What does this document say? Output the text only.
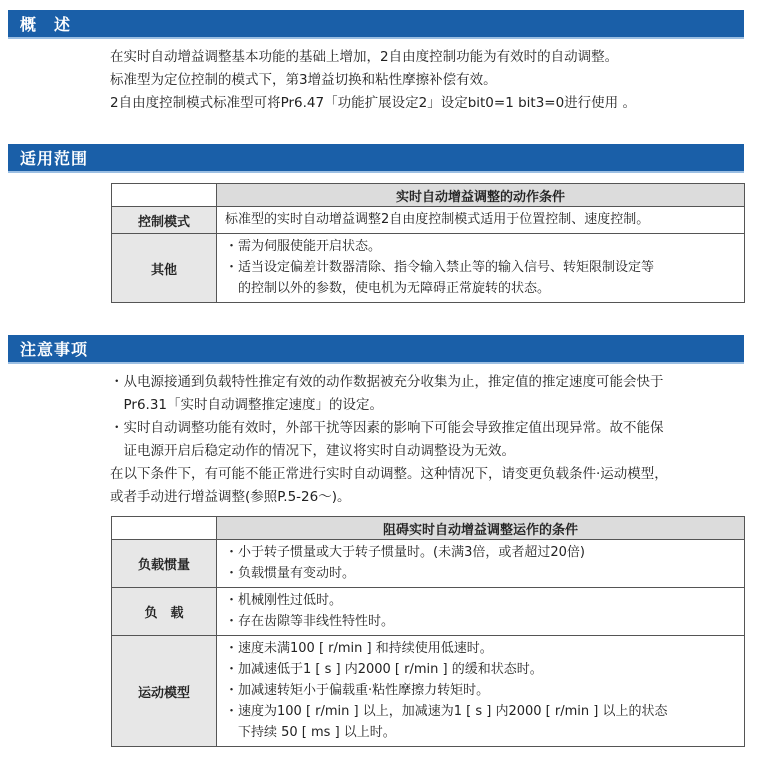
概　述
在实时自动增益调整基本功能的基础上增加，2自由度控制功能为有效时的自动调整。
标准型为定位控制的模式下，第3增益切换和粘性摩擦补偿有效。
2自由度控制模式标准型可将Pr6.47「功能扩展设定2」设定bit0=1 bit3=0进行使用 。
适用范围
	实时自动增益调整的动作条件
控制模式	标准型的实时自动增益调整2自由度控制模式适用于位置控制、速度控制。

其他	・需为伺服使能开启状态。
・适当设定偏差计数器清除、指令输入禁止等的输入信号、转矩限制设定等
　的控制以外的参数，使电机为无障碍正常旋转的状态。
注意事项
・从电源接通到负载特性推定有效的动作数据被充分收集为止，推定值的推定速度可能会快于
　Pr6.31「实时自动调整推定速度」的设定。
・实时自动调整功能有效时，外部干扰等因素的影响下可能会导致推定值出现异常。故不能保
　证电源开启后稳定动作的情况下，建议将实时自动调整设为无效。
在以下条件下，有可能不能正常进行实时自动调整。这种情况下，请变更负载条件·运动模型，
或者手动进行增益调整(参照P.5-26～)。
	阻碍实时自动增益调整运作的条件
负载惯量	・小于转子惯量或大于转子惯量时。(未满3倍，或者超过20倍)
・负载惯量有变动时。

负　载	・机械刚性过低时。
・存在齿隙等非线性特性时。

运动模型	・速度未满100 [ r/min ] 和持续使用低速时。
・加减速低于1 [ s ] 内2000 [ r/min ] 的缓和状态时。
・加减速转矩小于偏载重·粘性摩擦力转矩时。
・速度为100 [ r/min ] 以上，加减速为1 [ s ] 内2000 [ r/min ] 以上的状态
　下持续 50 [ ms ] 以上时。
